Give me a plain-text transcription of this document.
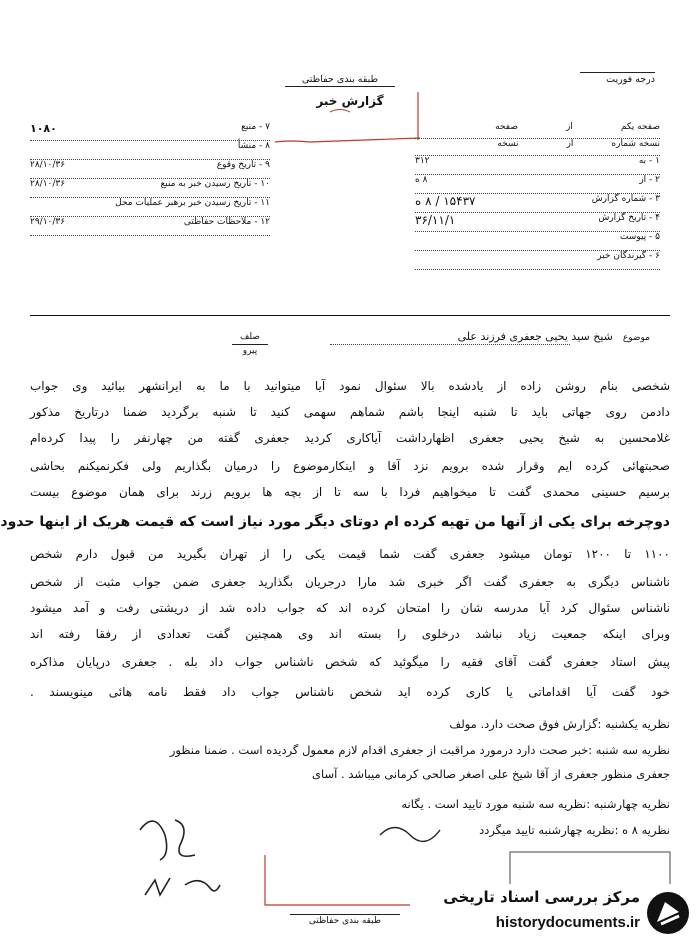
درجه فوریت
طبقه بندی حفاظتی
گزارش خبر
۷ - منبع
۱۰۸۰
۸ - منشأ
۹ - تاریخ وقوع
۲۸/۱۰/۳۶
۱۰ - تاریخ رسیدن خبر به منبع
۲۸/۱۰/۳۶
۱۱ - تاریخ رسیدن خبر برهبر عملیات محل
۱۲ - ملاحظات حفاظتی
۲۹/۱۰/۳۶
صفحه یکم
از
صفحه
نسخه شماره
از
نسخه
۱ - به
۳۱۲
۲ - از
۸ ه
۳ - شماره گزارش
۱۵۴۳۷ / ۸ ه
۴ - تاریخ گزارش
۳۶/۱۱/۱
۵ - پیوست
۶ - گیرندگان خبر
موضوع
شیخ سید یحیی جعفری فرزند علی
صلف
پیرو
شخصی بنام روشن زاده از یادشده بالا سئوال نمود آیا میتوانید با ما به ایرانشهر بیائید وی جواب
دادمن روی جهاتی باید تا شنبه اینجا باشم شماهم سهمی کنید تا شنبه برگردید ضمنا درتاریخ مذکور
غلامحسین به شیخ یحیی جعفری اظهارداشت آیاکاری کردید جعفری گفته من چهارنفر را پیدا کرده‌ام
صحبتهائی کرده ایم وقرار شده برویم نزد آقا و اینکارموضوع را درمیان بگذاریم ولی فکرنمیکنم بحاشی
برسیم حسینی محمدی گفت تا میخواهیم فردا با سه تا از بچه ها برویم زرند برای همان موضوع بیست
دوچرخه برای یکی از آنها من تهیه کرده ام دوتای دیگر مورد نیاز است که قیمت هریک از اینها حدود
۱۱۰۰ تا ۱۲۰۰ تومان میشود جعفری گفت شما قیمت یکی را از تهران بگیرید من قبول دارم شخص
ناشناس دیگری به جعفری گفت اگر خبری شد مارا درجریان بگذارید جعفری ضمن جواب مثبت از شخص
ناشناس سئوال کرد آیا مدرسه شان را امتحان کرده اند که جواب داده شد از دریشتی رفت و آمد میشود
وبرای اینکه جمعیت زیاد نباشد درخلوی را بسته اند وی همچنین گفت تعدادی از رفقا رفته اند
پیش استاد جعفری گفت آقای فقیه را میگوئید که شخص ناشناس جواب داد بله . جعفری درپایان مذاکره
خود گفت آیا اقداماتی یا کاری کرده اید شخص ناشناس جواب داد فقط نامه هائی مینویسند .
نظریه یکشنبه :گزارش فوق صحت دارد. مولف
نظریه سه شنبه :خبر صحت دارد درمورد مراقبت از جعفری اقدام لازم معمول گردیده است . ضمنا منظور
جعفری منظور جعفری از آقا شیخ علی اصغر صالحی کرمانی میباشد . آسای
نظریه چهارشنبه :نظریه سه شنبه مورد تایید است . یگانه
نظریه ۸ ه :نظریه چهارشنبه تایید میگردد
طبقه بندی حفاظتی
مرکز بررسی اسناد تاریخی
historydocuments.ir
